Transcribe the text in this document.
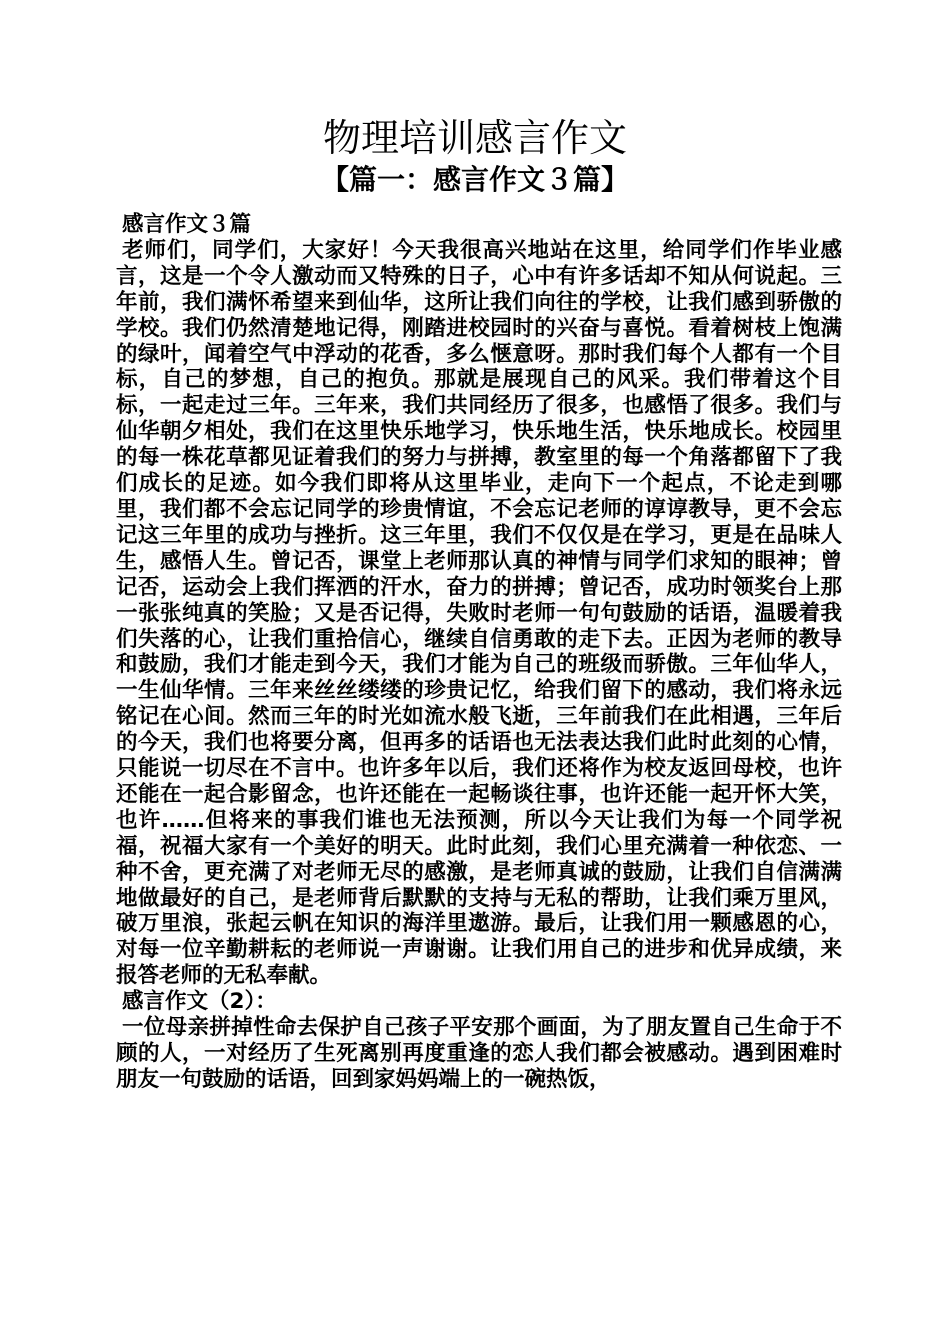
物理培训感言作文
【篇一：感言作文３篇】

感言作文３篇

老师们，同学们，大家好！今天我很高兴地站在这里，给同学们作毕业感言，这是一个令人激动而又特殊的日子，心中有许多话却不知从何说起。三年前，我们满怀希望来到仙华，这所让我们向往的学校，让我们感到骄傲的学校。我们仍然清楚地记得，刚踏进校园时的兴奋与喜悦。看着树枝上饱满的绿叶，闻着空气中浮动的花香，多么惬意呀。那时我们每个人都有一个目标，自己的梦想，自己的抱负。那就是展现自己的风采。我们带着这个目标，一起走过三年。三年来，我们共同经历了很多，也感悟了很多。我们与仙华朝夕相处，我们在这里快乐地学习，快乐地生活，快乐地成长。校园里的每一株花草都见证着我们的努力与拼搏，教室里的每一个角落都留下了我们成长的足迹。如今我们即将从这里毕业，走向下一个起点，不论走到哪里，我们都不会忘记同学的珍贵情谊，不会忘记老师的谆谆教导，更不会忘记这三年里的成功与挫折。这三年里，我们不仅仅是在学习，更是在品味人生，感悟人生。曾记否，课堂上老师那认真的神情与同学们求知的眼神；曾记否，运动会上我们挥洒的汗水，奋力的拼搏；曾记否，成功时领奖台上那一张张纯真的笑脸；又是否记得，失败时老师一句句鼓励的话语，温暖着我们失落的心，让我们重拾信心，继续自信勇敢的走下去。正因为老师的教导和鼓励，我们才能走到今天，我们才能为自己的班级而骄傲。三年仙华人，一生仙华情。三年来丝丝缕缕的珍贵记忆，给我们留下的感动，我们将永远铭记在心间。然而三年的时光如流水般飞逝，三年前我们在此相遇，三年后的今天，我们也将要分离，但再多的话语也无法表达我们此时此刻的心情，只能说一切尽在不言中。也许多年以后，我们还将作为校友返回母校，也许还能在一起合影留念，也许还能在一起畅谈往事，也许还能一起开怀大笑，也许……但将来的事我们谁也无法预测，所以今天让我们为每一个同学祝福，祝福大家有一个美好的明天。此时此刻，我们心里充满着一种依恋、一种不舍，更充满了对老师无尽的感激，是老师真诚的鼓励，让我们自信满满地做最好的自己，是老师背后默默的支持与无私的帮助，让我们乘万里风，破万里浪，张起云帆在知识的海洋里遨游。最后，让我们用一颗感恩的心，对每一位辛勤耕耘的老师说一声谢谢。让我们用自己的进步和优异成绩，来报答老师的无私奉献。

感言作文（2）：

一位母亲拼掉性命去保护自己孩子平安那个画面，为了朋友置自己生命于不顾的人，一对经历了生死离别再度重逢的恋人我们都会被感动。遇到困难时朋友一句鼓励的话语，回到家妈妈端上的一碗热饭，
